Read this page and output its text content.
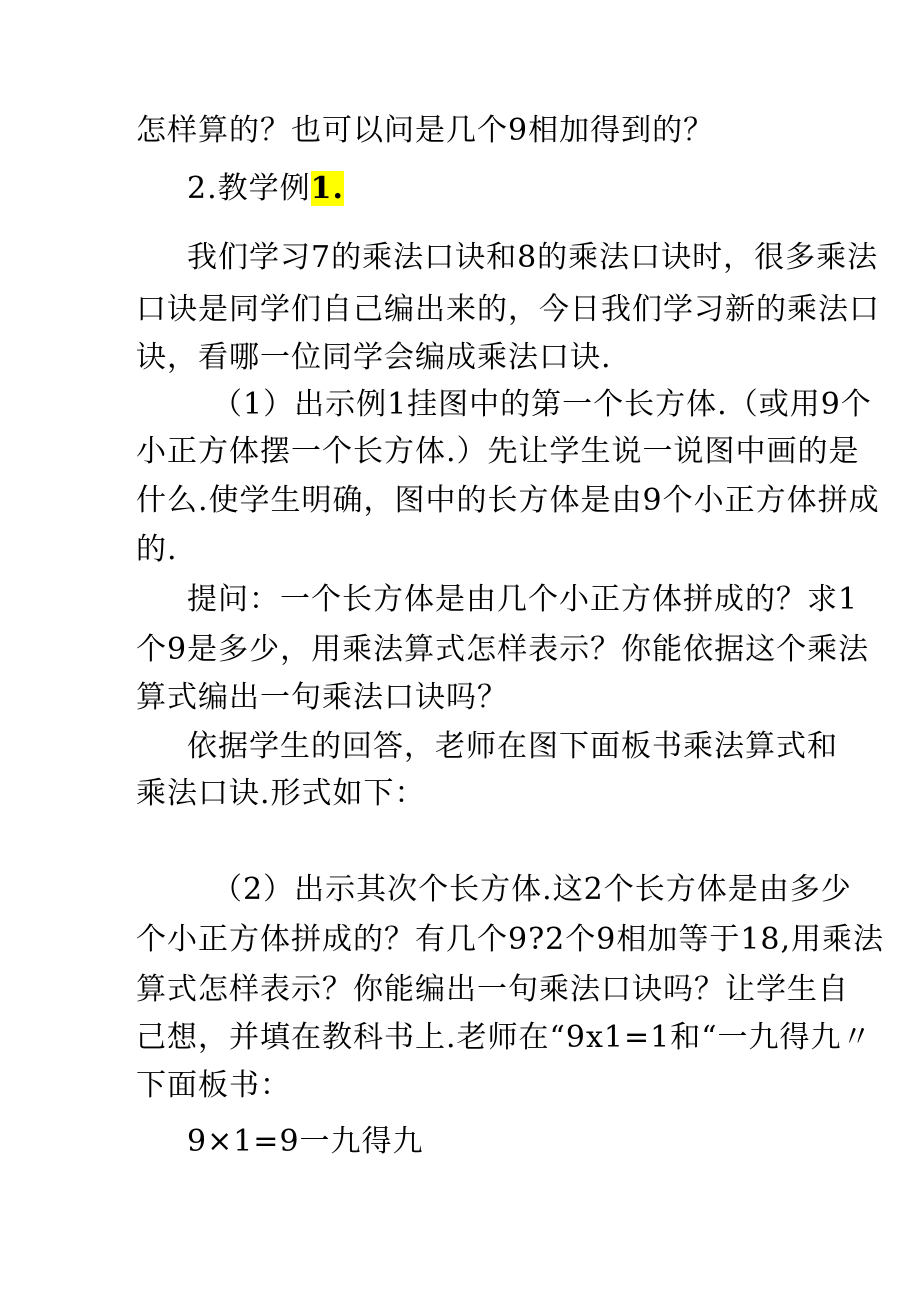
怎样算的？也可以问是几个9相加得到的？
2.教学例1.
我们学习7的乘法口诀和8的乘法口诀时，很多乘法
口诀是同学们自己编出来的，今日我们学习新的乘法口
诀，看哪一位同学会编成乘法口诀.
（1）出示例1挂图中的第一个长方体.（或用9个
小正方体摆一个长方体.）先让学生说一说图中画的是
什么.使学生明确，图中的长方体是由9个小正方体拼成
的.
提问：一个长方体是由几个小正方体拼成的？求1
个9是多少，用乘法算式怎样表示？你能依据这个乘法
算式编出一句乘法口诀吗？
依据学生的回答，老师在图下面板书乘法算式和
乘法口诀.形式如下：
（2）出示其次个长方体.这2个长方体是由多少
个小正方体拼成的？有几个9?2个9相加等于18,用乘法
算式怎样表示？你能编出一句乘法口诀吗？让学生自
己想，并填在教科书上.老师在“9x1=1和“一九得九〃
下面板书：
9×1=9一九得九
